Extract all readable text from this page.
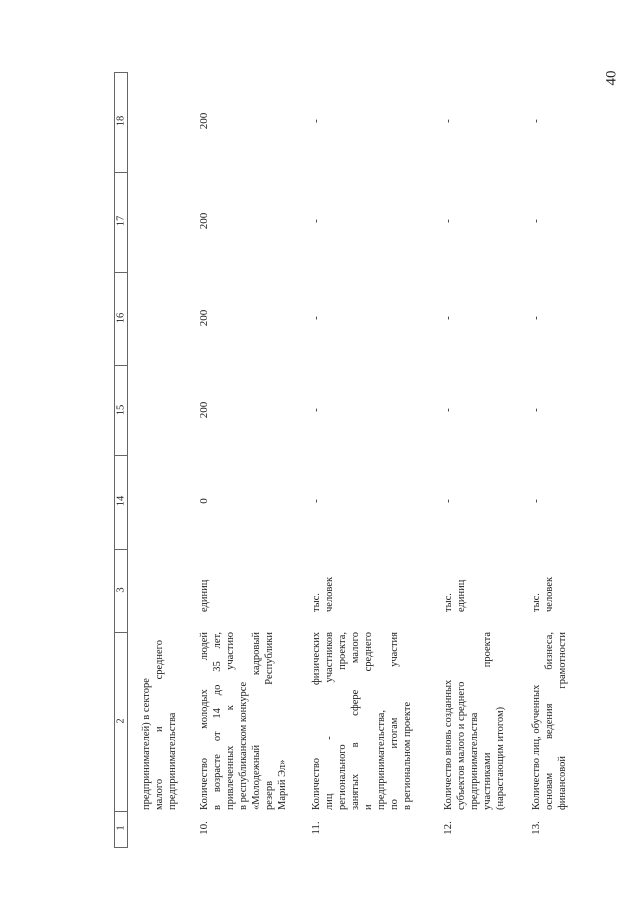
40
1
2
3
14
15
16
17
18
предпринимателей) в секторе малого
и
среднего
предпринимательства
10.
Количество
молодых
людей
в
возрасте
от
14
до
35
лет,
привлеченных
к
участию
в республиканском конкурсе «Молодежный
кадровый
резерв
Республики
Марий Эл»
единиц
0
200
200
200
200
11.
Количество
физических
лиц
-
участников
регионального
проекта,
занятых
в
сфере
малого
и
среднего
предпринимательства, по
итогам
участия
в региональном проекте
тыс. человек
-
-
-
-
-
12.
Количество вновь созданных субъектов малого и среднего предпринимательства участниками
проекта
(нарастающим итогом)
тыс. единиц
-
-
-
-
-
13.
Количество лиц, обученных основам
ведения
бизнеса,
финансовой
грамотности
тыс. человек
-
-
-
-
-
